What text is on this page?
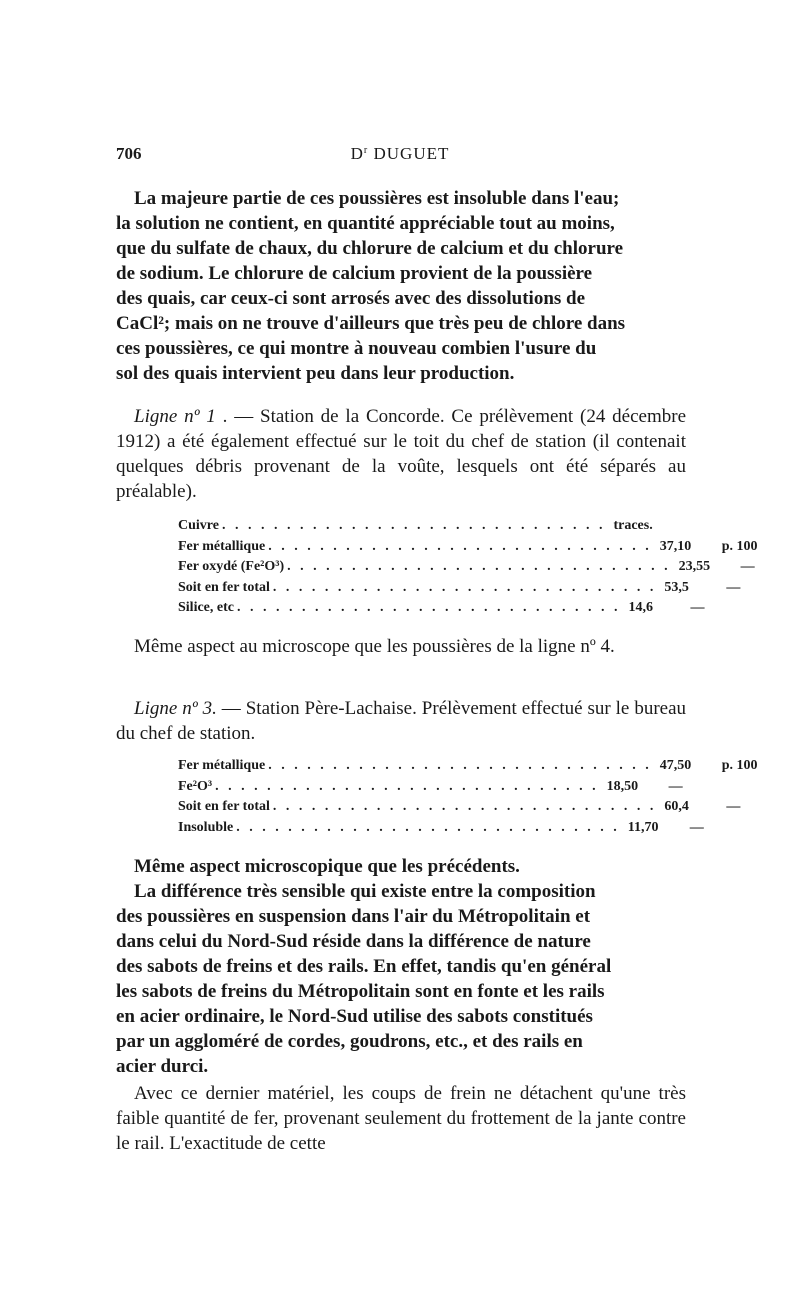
706	$D^r$ DUGUET
La majeure partie de ces poussières est insoluble dans l'eau;
la solution ne contient, en quantité appréciable tout au moins,
que du sulfate de chaux, du chlorure de calcium et du chlorure
de sodium. Le chlorure de calcium provient de la poussière
des quais, car ceux-ci sont arrosés avec des dissolutions de
CaCl²; mais on ne trouve d'ailleurs que très peu de chlore dans
ces poussières, ce qui montre à nouveau combien l'usure du
sol des quais intervient peu dans leur production.

Ligne nº 1 . — Station de la Concorde. Ce prélèvement (24 décembre 1912) a été également effectué sur le toit du chef de station (il contenait quelques débris provenant de la voûte, lesquels ont été séparés au préalable).

Cuivre . . . . . . . . . . . . . . . . . . . . . . . . . . . . . . traces.
Fer métallique . . . . . . . . . . . . . . . . . . . . . . . . . . . . . . 37,10	p. 100
Fer oxydé (Fe²O³) . . . . . . . . . . . . . . . . . . . . . . . . . . . . . . 23,55	—
Soit en fer total . . . . . . . . . . . . . . . . . . . . . . . . . . . . . . 53,5	—
Silice, etc . . . . . . . . . . . . . . . . . . . . . . . . . . . . . . 14,6	—

Même aspect au microscope que les poussières de la ligne nº 4.

Ligne nº 3. — Station Père-Lachaise. Prélèvement effectué sur le bureau du chef de station.

Fer métallique . . . . . . . . . . . . . . . . . . . . . . . . . . . . . . 47,50	p. 100
Fe²O³ . . . . . . . . . . . . . . . . . . . . . . . . . . . . . . 18,50	—
Soit en fer total . . . . . . . . . . . . . . . . . . . . . . . . . . . . . . 60,4	—
Insoluble . . . . . . . . . . . . . . . . . . . . . . . . . . . . . . 11,70	—
Même aspect microscopique que les précédents.
La différence très sensible qui existe entre la composition
des poussières en suspension dans l'air du Métropolitain et
dans celui du Nord-Sud réside dans la différence de nature
des sabots de freins et des rails. En effet, tandis qu'en général
les sabots de freins du Métropolitain sont en fonte et les rails
en acier ordinaire, le Nord-Sud utilise des sabots constitués
par un aggloméré de cordes, goudrons, etc., et des rails en
acier durci.

Avec ce dernier matériel, les coups de frein ne détachent qu'une très faible quantité de fer, provenant seulement du frottement de la jante contre le rail. L'exactitude de cette
